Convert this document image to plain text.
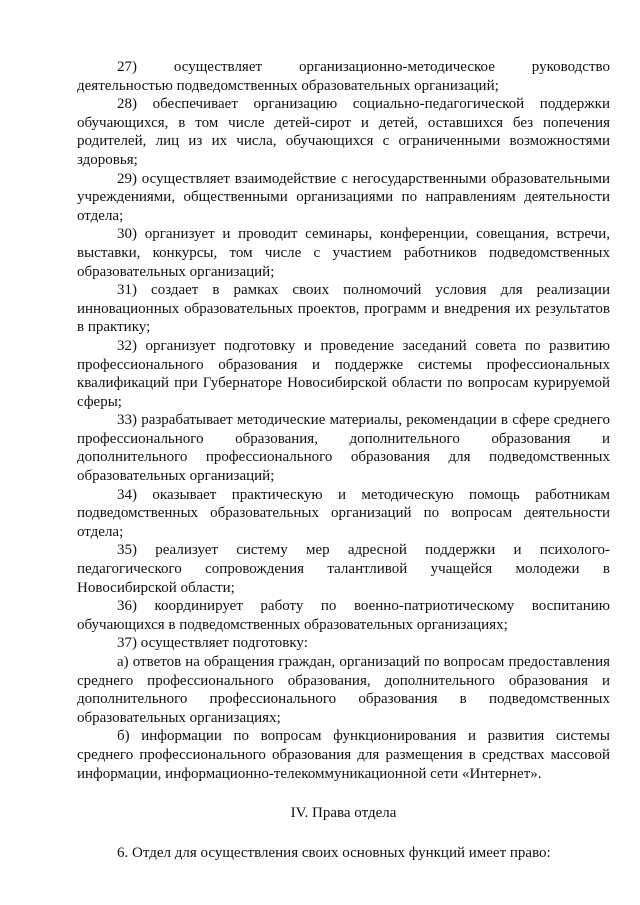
27) осуществляет организационно-методическое руководство деятельностью подведомственных образовательных организаций;

28) обеспечивает организацию социально-педагогической поддержки обучающихся, в том числе детей-сирот и детей, оставшихся без попечения родителей, лиц из их числа, обучающихся с ограниченными возможностями здоровья;

29) осуществляет взаимодействие с негосударственными образовательными учреждениями, общественными организациями по направлениям деятельности отдела;

30) организует и проводит семинары, конференции, совещания, встречи, выставки, конкурсы, том числе с участием работников подведомственных образовательных организаций;

31) создает в рамках своих полномочий условия для реализации инновационных образовательных проектов, программ и внедрения их результатов в практику;

32) организует подготовку и проведение заседаний совета по развитию профессионального образования и поддержке системы профессиональных квалификаций при Губернаторе Новосибирской области по вопросам курируемой сферы;

33) разрабатывает методические материалы, рекомендации в сфере среднего профессионального образования, дополнительного образования и дополнительного профессионального образования для подведомственных образовательных организаций;

34) оказывает практическую и методическую помощь работникам подведомственных образовательных организаций по вопросам деятельности отдела;

35) реализует систему мер адресной поддержки и психолого-педагогического сопровождения талантливой учащейся молодежи в Новосибирской области;

36) координирует работу по военно-патриотическому воспитанию обучающихся в подведомственных образовательных организациях;

37) осуществляет подготовку:

а) ответов на обращения граждан, организаций по вопросам предоставления среднего профессионального образования, дополнительного образования и дополнительного профессионального образования в подведомственных образовательных организациях;

б) информации по вопросам функционирования и развития системы среднего профессионального образования для размещения в средствах массовой информации, информационно-телекоммуникационной сети «Интернет».

IV. Права отдела

6. Отдел для осуществления своих основных функций имеет право:
